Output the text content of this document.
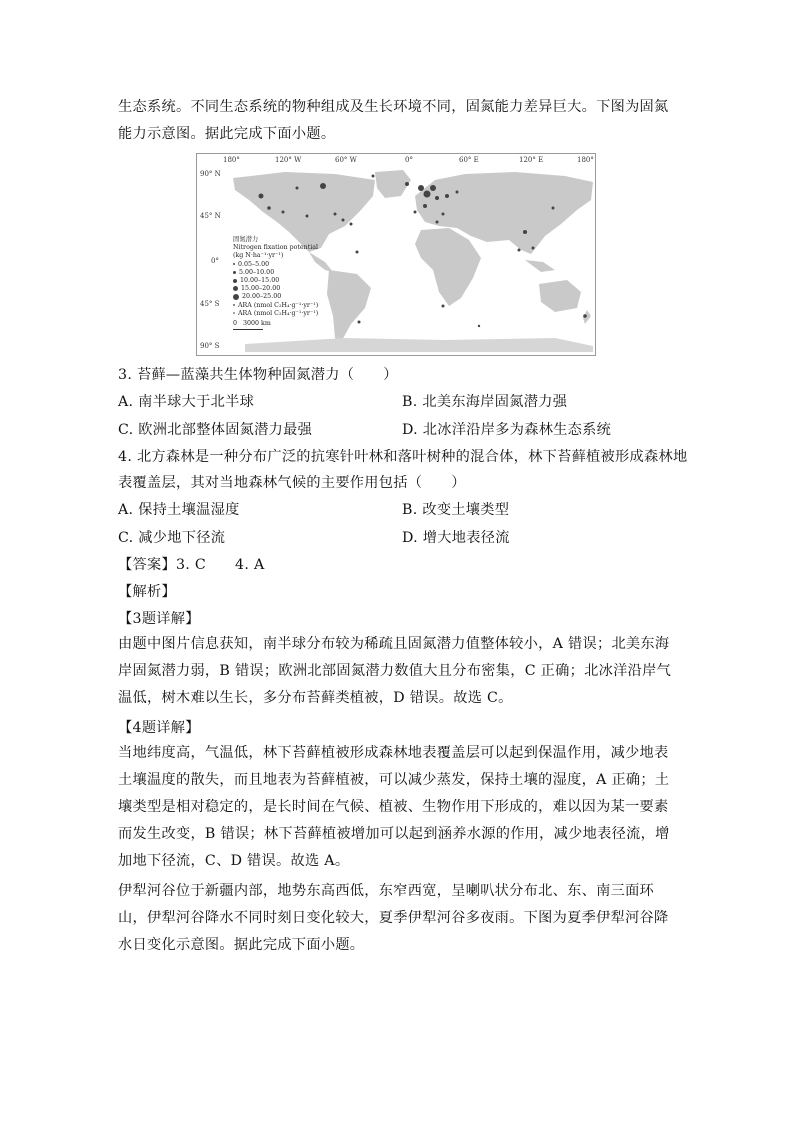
生态系统。不同生态系统的物种组成及生长环境不同，固氮能力差异巨大。下图为固氮能力示意图。据此完成下面小题。
180°	120° W	60° W	0°	60° E	120° E	180°
90° N
45° N
0°
45° S
90° S
固氮潜力
Nitrogen fixation potential
(kg N·ha⁻¹·yr⁻¹)
0.05–5.00
5.00–10.00
10.00–15.00
15.00–20.00
20.00–25.00
ARA (nmol C₂H₄·g⁻¹·yr⁻¹)
ARA (nmol C₂H₄·g⁻¹·yr⁻¹)
0 3000 km
3. 苔藓—蓝藻共生体物种固氮潜力（　　）
A. 南半球大于北半球	B. 北美东海岸固氮潜力强
C. 欧洲北部整体固氮潜力最强	D. 北冰洋沿岸多为森林生态系统
4. 北方森林是一种分布广泛的抗寒针叶林和落叶树种的混合体，林下苔藓植被形成森林地
表覆盖层，其对当地森林气候的主要作用包括（　　）
A. 保持土壤温湿度	B. 改变土壤类型
C. 减少地下径流	D. 增大地表径流
【答案】3. C　　4. A
【解析】
【3题详解】
由题中图片信息获知，南半球分布较为稀疏且固氮潜力值整体较小，A 错误；北美东海岸固氮潜力弱，B 错误；欧洲北部固氮潜力数值大且分布密集，C 正确；北冰洋沿岸气温低，树木难以生长，多分布苔藓类植被，D 错误。故选 C。
【4题详解】
当地纬度高，气温低，林下苔藓植被形成森林地表覆盖层可以起到保温作用，减少地表土壤温度的散失，而且地表为苔藓植被，可以减少蒸发，保持土壤的湿度，A 正确；土壤类型是相对稳定的，是长时间在气候、植被、生物作用下形成的，难以因为某一要素而发生改变，B 错误；林下苔藓植被增加可以起到涵养水源的作用，减少地表径流，增加地下径流，C、D 错误。故选 A。
伊犁河谷位于新疆内部，地势东高西低，东窄西宽，呈喇叭状分布北、东、南三面环山，伊犁河谷降水不同时刻日变化较大，夏季伊犁河谷多夜雨。下图为夏季伊犁河谷降水日变化示意图。据此完成下面小题。
